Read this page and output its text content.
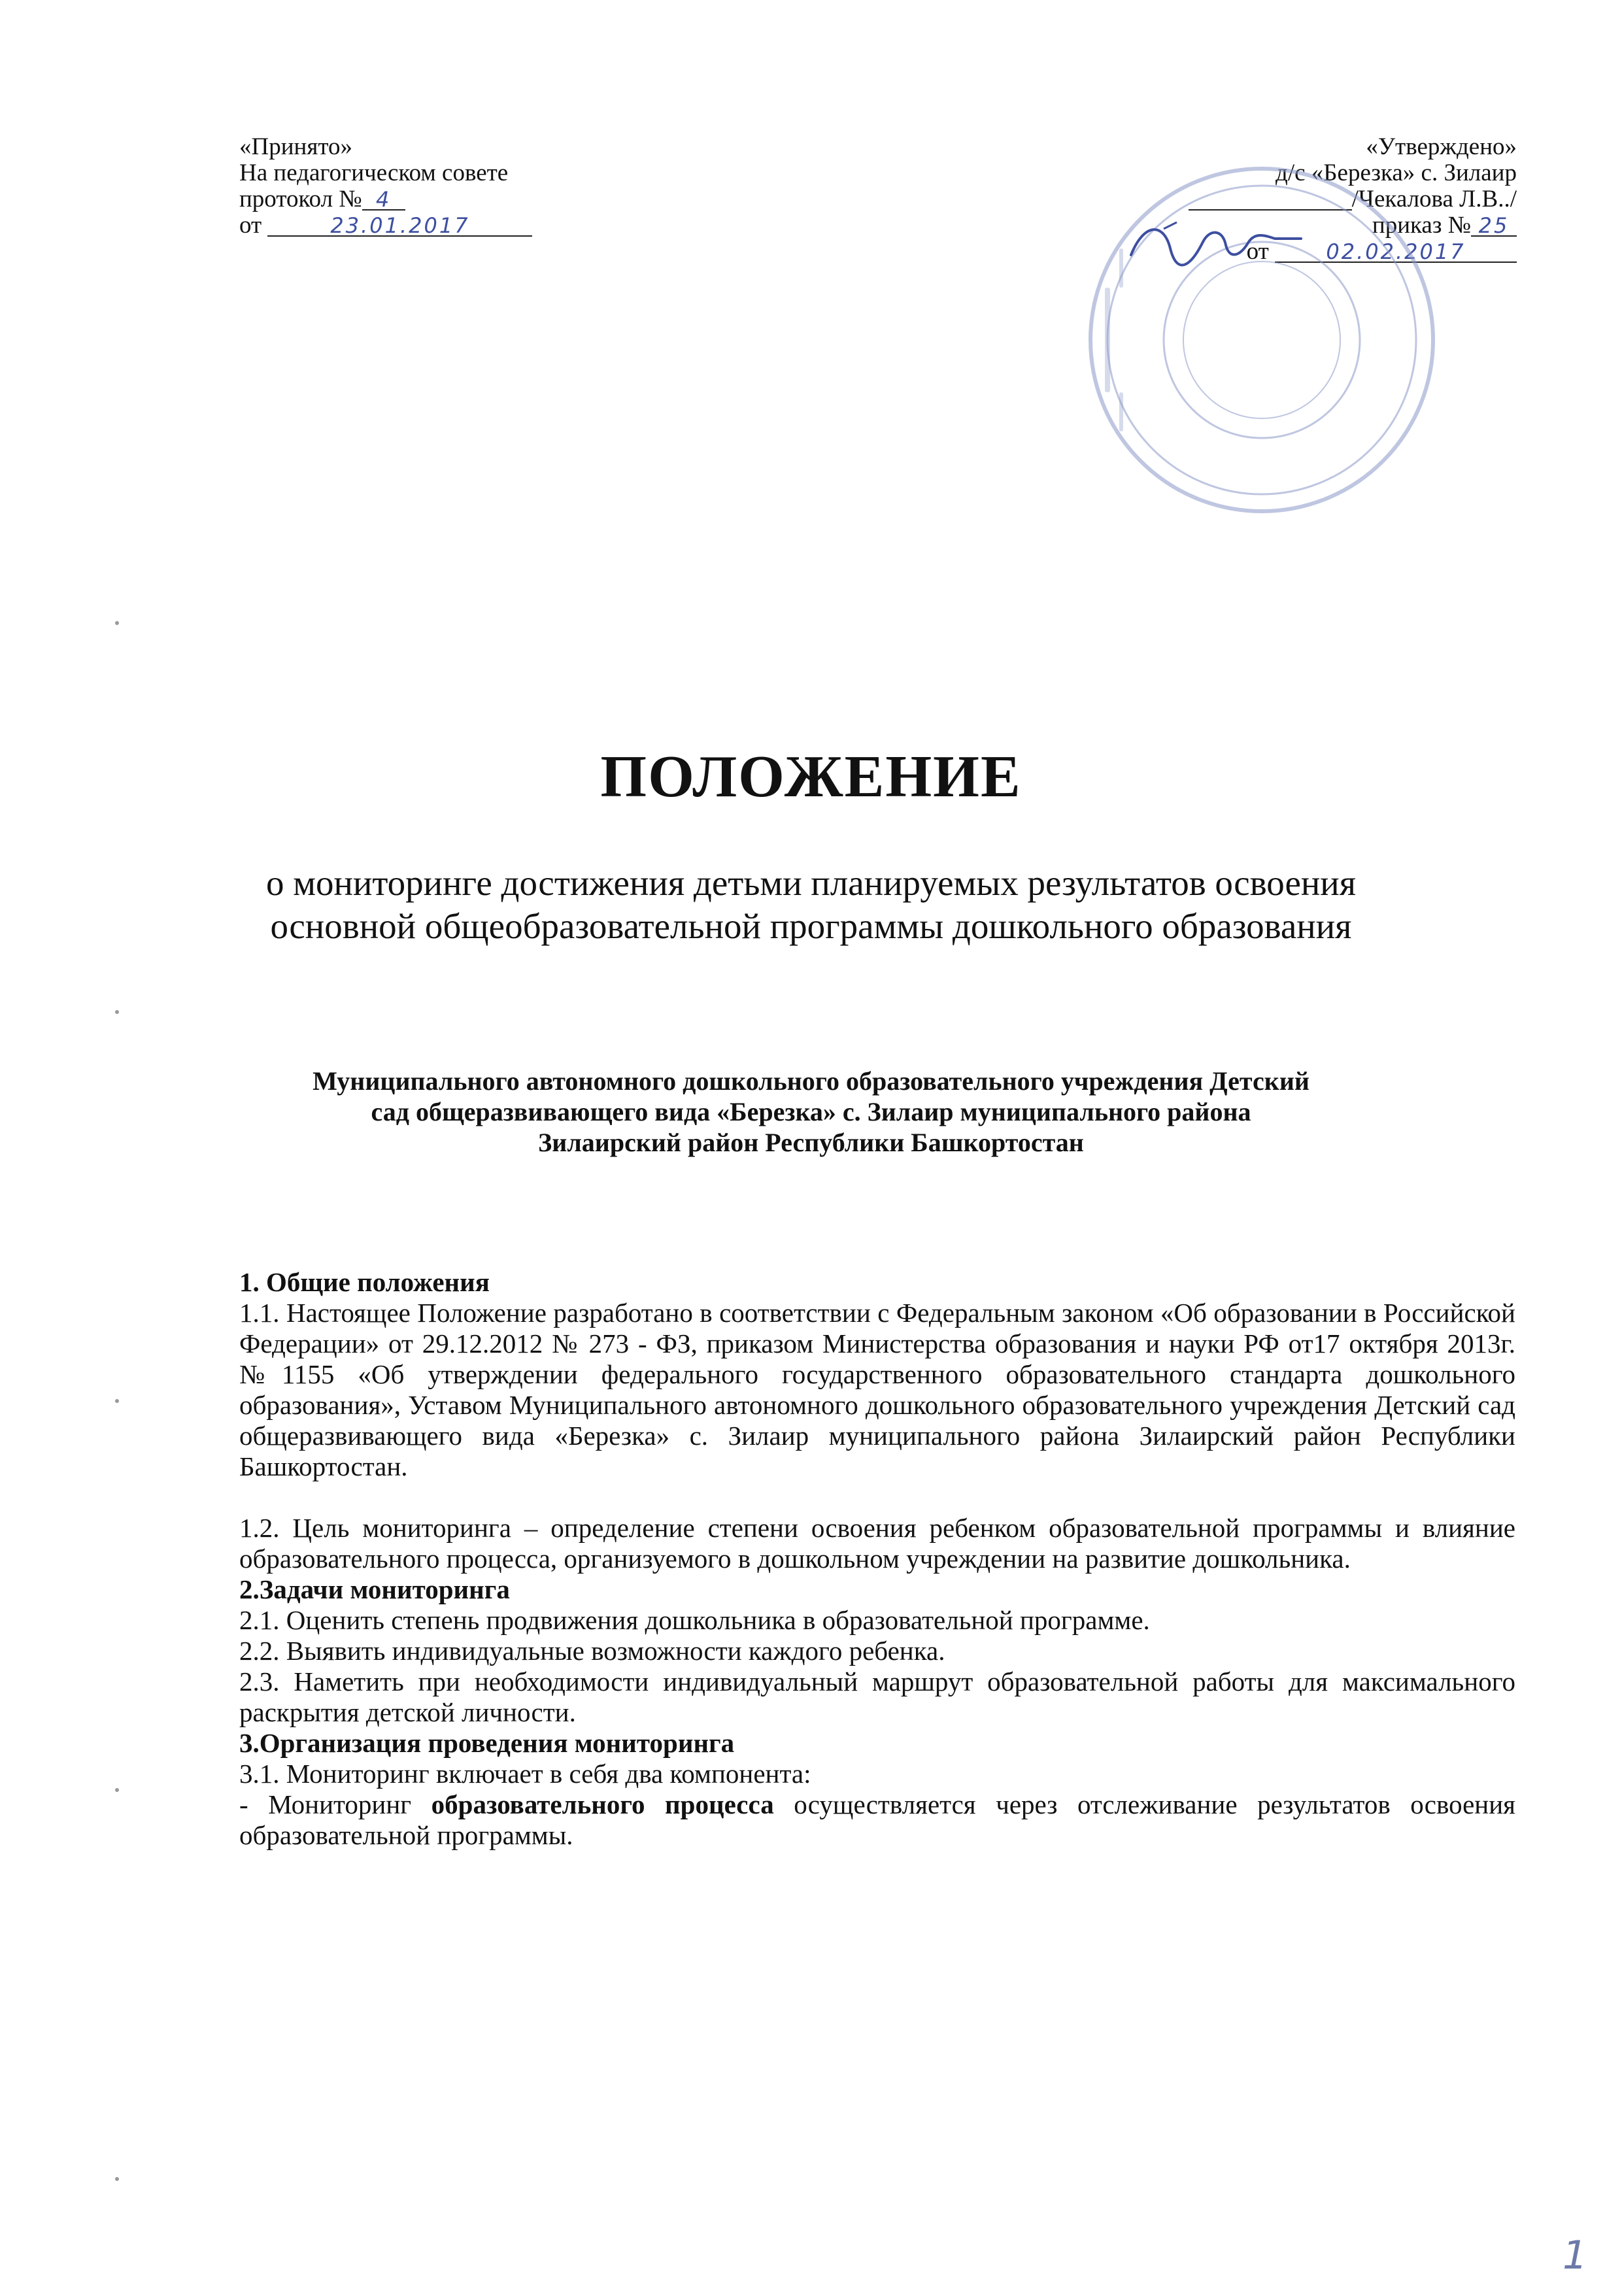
«Принято»
На педагогическом совете
протокол № 4
от	23.01.2017
«Утверждено»
д/с «Березка» с. Зилаир
/Чекалова Л.В../
приказ № 25
от	02.02.2017
ПОЛОЖЕНИЕ
о мониторинге достижения детьми планируемых результатов освоения основной общеобразовательной программы дошкольного образования
Муниципального автономного дошкольного образовательного учреждения Детский
сад общеразвивающего вида «Березка» с. Зилаир муниципального района
Зилаирский район Республики Башкортостан

1. Общие положения

1.1. Настоящее Положение разработано в соответствии с Федеральным законом «Об образовании в Российской Федерации» от 29.12.2012 № 273 - ФЗ, приказом Министерства образования и науки РФ от17 октября 2013г. №1155 «Об утверждении федерального государственного образовательного стандарта дошкольного образования», Уставом Муниципального автономного дошкольного образовательного учреждения Детский сад общеразвивающего вида «Березка» с. Зилаир муниципального района Зилаирский район Республики Башкортостан.

1.2. Цель мониторинга – определение степени освоения ребенком образовательной программы и влияние образовательного процесса, организуемого в дошкольном учреждении на развитие дошкольника.

2.Задачи мониторинга

2.1. Оценить степень продвижения дошкольника в образовательной программе.

2.2. Выявить индивидуальные возможности каждого ребенка.

2.3. Наметить при необходимости индивидуальный маршрут образовательной работы для максимального раскрытия детской личности.

3.Организация проведения мониторинга

3.1. Мониторинг включает в себя два компонента:

- Мониторинг образовательного процесса осуществляется через отслеживание результатов освоения образовательной программы.

1
